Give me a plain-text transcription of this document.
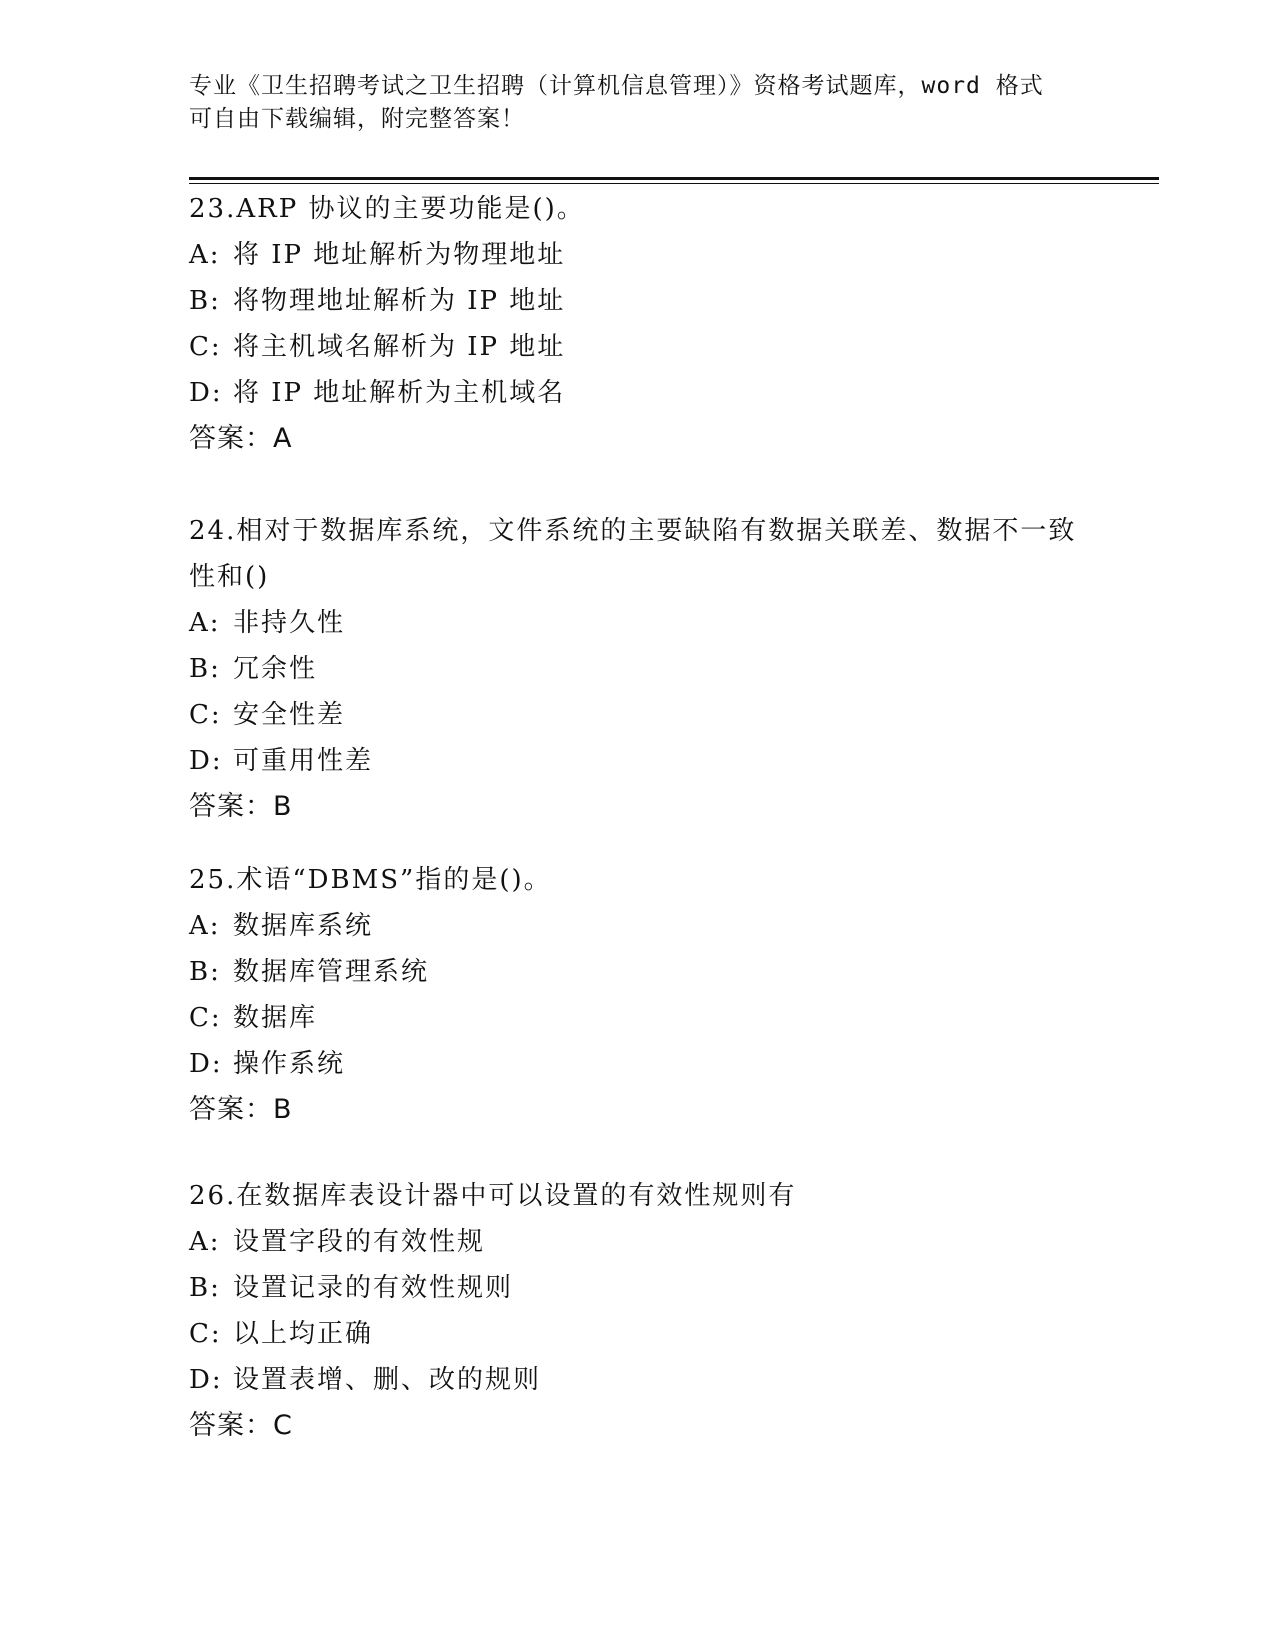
专业《卫生招聘考试之卫生招聘（计算机信息管理）》资格考试题库，word 格式
可自由下载编辑，附完整答案！
23.ARP 协议的主要功能是()。
A: 将 IP 地址解析为物理地址
B: 将物理地址解析为 IP 地址
C: 将主机域名解析为 IP 地址
D: 将 IP 地址解析为主机域名
答案：A
24.相对于数据库系统，文件系统的主要缺陷有数据关联差、数据不一致性和()
A: 非持久性
B: 冗余性
C: 安全性差
D: 可重用性差
答案：B
25.术语“DBMS”指的是()。
A: 数据库系统
B: 数据库管理系统
C: 数据库
D: 操作系统
答案：B
26.在数据库表设计器中可以设置的有效性规则有
A: 设置字段的有效性规
B: 设置记录的有效性规则
C: 以上均正确
D: 设置表增、删、改的规则
答案：C
